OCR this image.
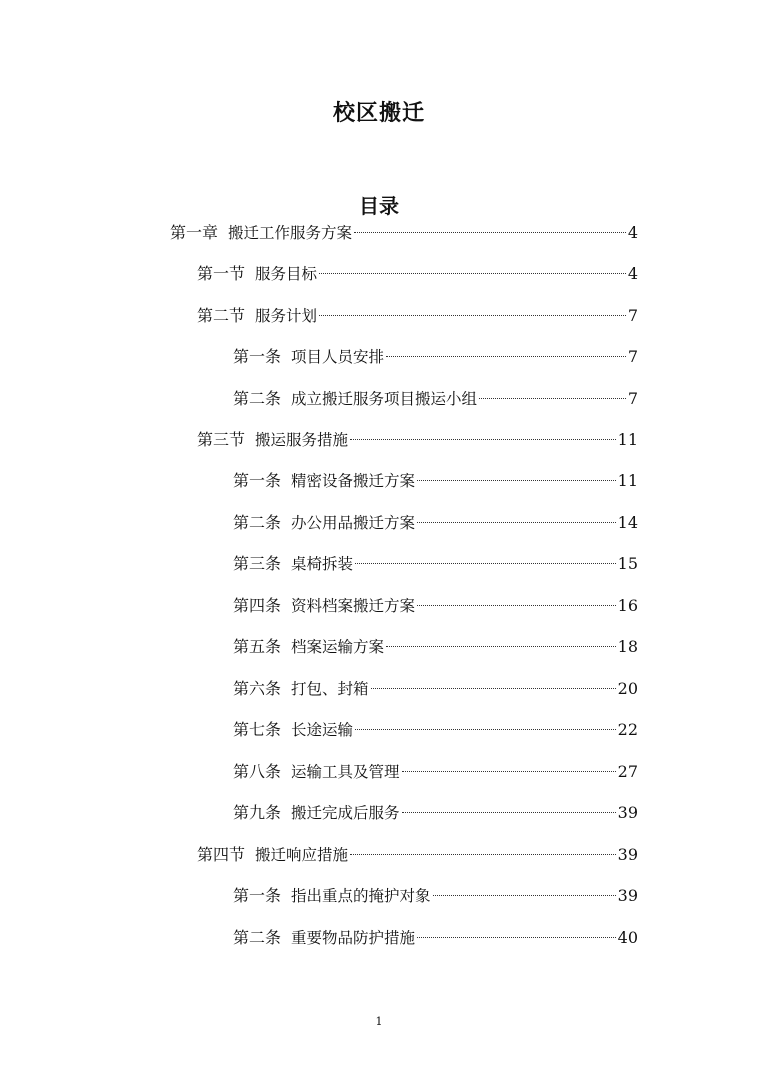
校区搬迁
目录
第一章 搬迁工作服务方案	4
第一节 服务目标	4
第二节 服务计划	7
第一条 项目人员安排	7
第二条 成立搬迁服务项目搬运小组	7
第三节 搬运服务措施	11
第一条 精密设备搬迁方案	11
第二条 办公用品搬迁方案	14
第三条 桌椅拆装	15
第四条 资料档案搬迁方案	16
第五条 档案运输方案	18
第六条 打包、封箱	20
第七条 长途运输	22
第八条 运输工具及管理	27
第九条 搬迁完成后服务	39
第四节 搬迁响应措施	39
第一条 指出重点的掩护对象	39
第二条 重要物品防护措施	40
1
